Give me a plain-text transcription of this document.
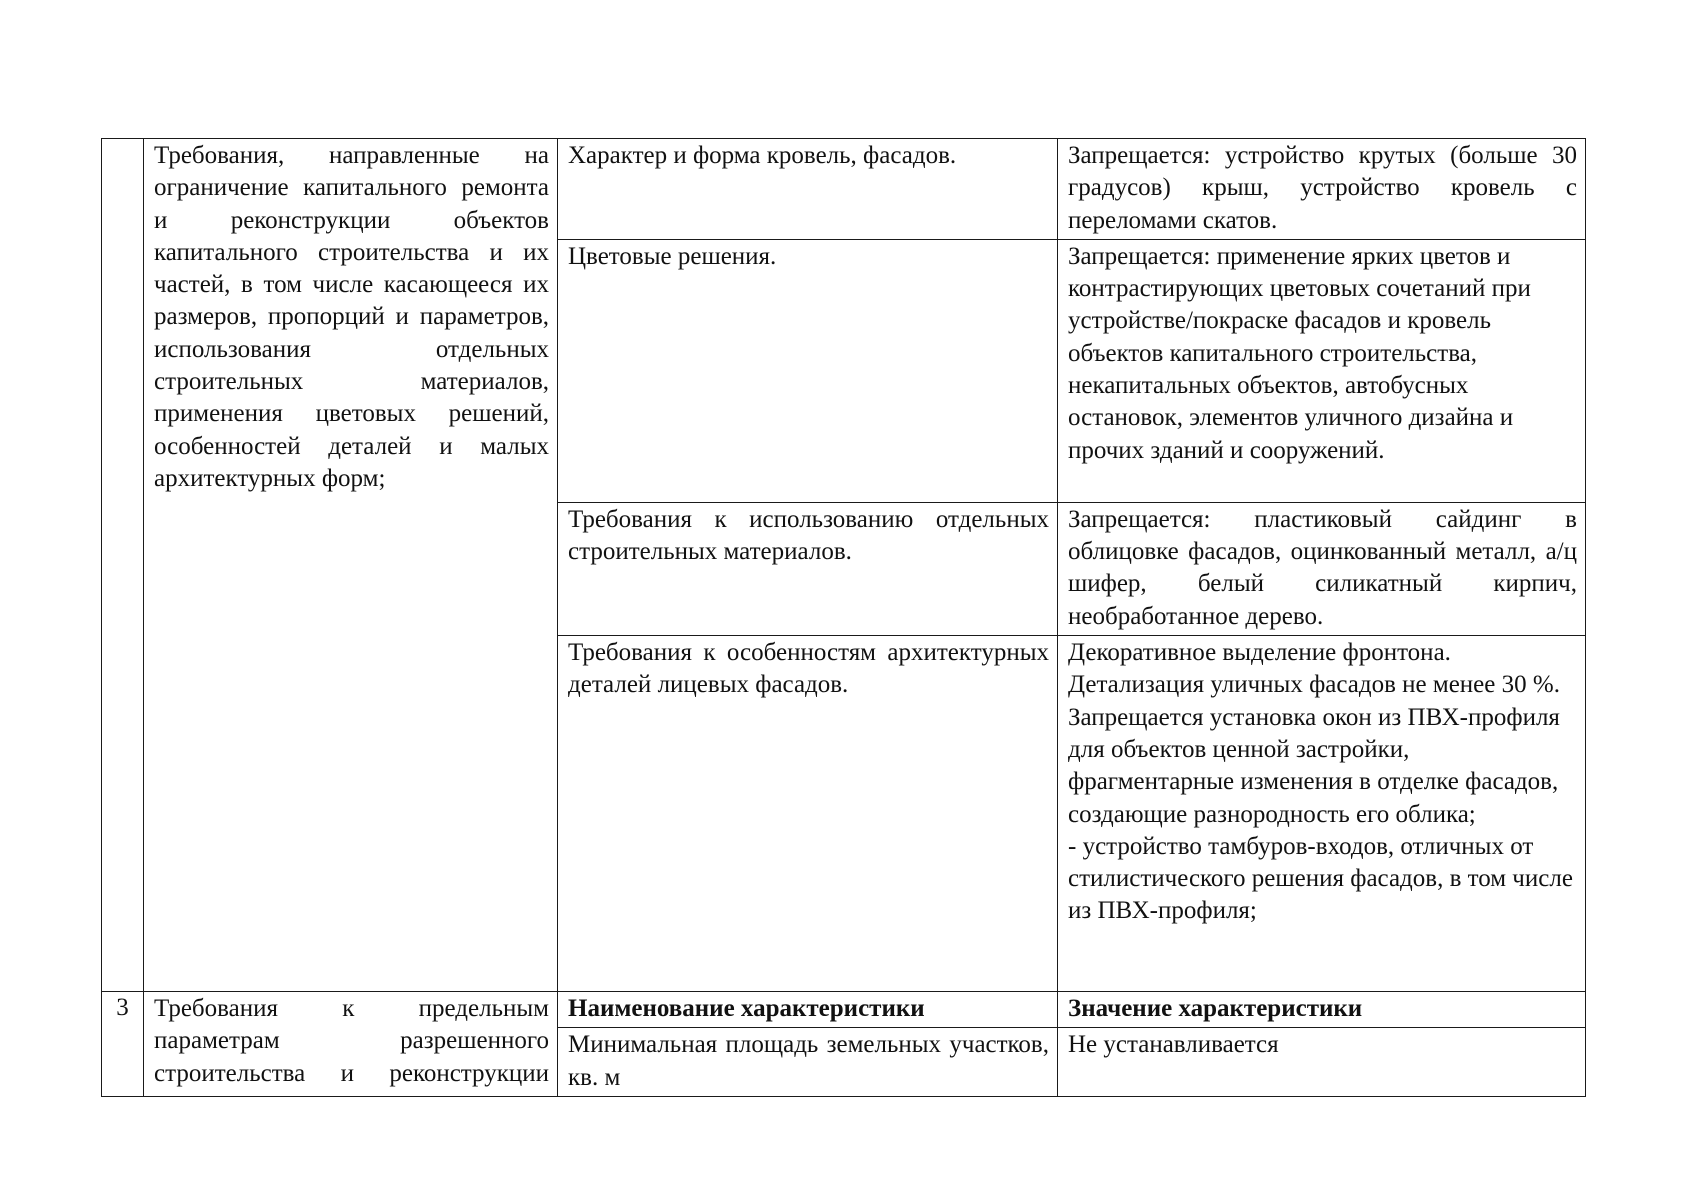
	Требования, направленные на ограничение капитального ремонта и реконструкции объектов капитального строительства и их частей, в том числе касающееся их размеров, пропорций и параметров, использования отдельных строительных материалов, применения цветовых решений, особенностей деталей и малых архитектурных форм;	Характер и форма кровель, фасадов.	Запрещается: устройство крутых (больше 30 градусов) крыш, устройство кровель с переломами скатов.
		Цветовые решения.	Запрещается: применение ярких цветов и контрастирующих цветовых сочетаний при устройстве/покраске фасадов и кровель объектов капитального строительства, некапитальных объектов, автобусных остановок, элементов уличного дизайна и прочих зданий и сооружений.
		Требования к использованию отдельных строительных материалов.	Запрещается: пластиковый сайдинг в облицовке фасадов, оцинкованный металл, а/ц шифер, белый силикатный кирпич, необработанное дерево.
		Требования к особенностям архитектурных деталей лицевых фасадов.	Декоративное выделение фронтона.
Детализация уличных фасадов не менее 30 %.
Запрещается установка окон из ПВХ-профиля для объектов ценной застройки, фрагментарные изменения в отделке фасадов, создающие разнородность его облика;
- устройство тамбуров-входов, отличных от стилистического решения фасадов, в том числе из ПВХ-профиля;

3	Требования к предельным параметрам разрешенного строительства и реконструкции	Наименование характеристики	Значение характеристики
		Минимальная площадь земельных участков, кв. м	Не устанавливается
